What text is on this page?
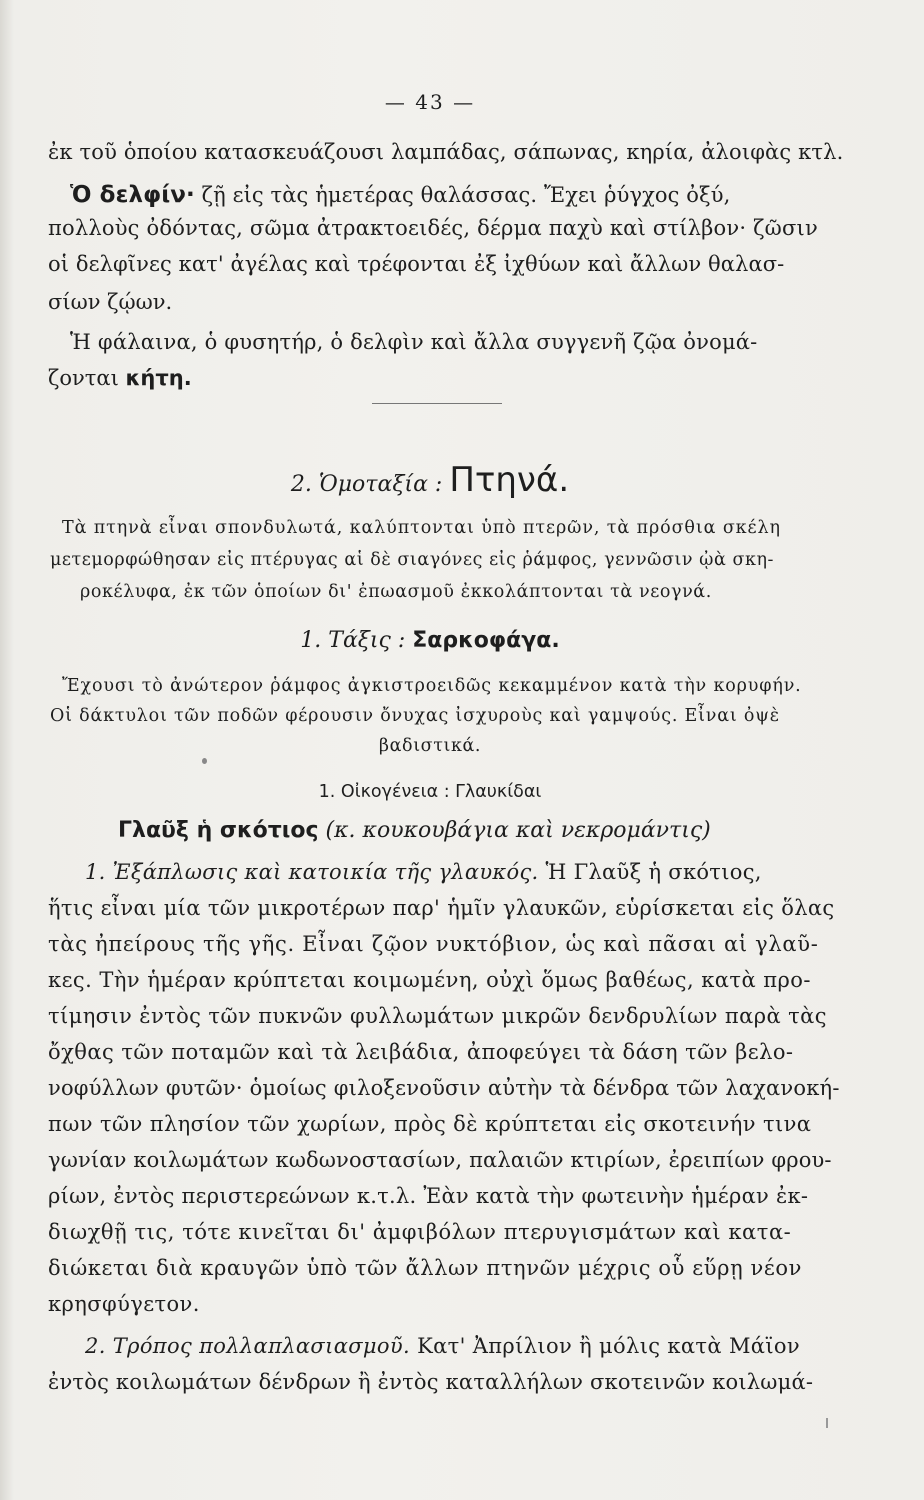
— 43 —
ἐκ τοῦ ὁποίου κατασκευάζουσι λαμπάδας, σάπωνας, κηρία, ἀλοιφὰς κτλ.
Ὁ δελφίν· ζῇ εἰς τὰς ἡμετέρας θαλάσσας. Ἔχει ῥύγχος ὀξύ,
πολλοὺς ὀδόντας, σῶμα ἀτρακτοειδές, δέρμα παχὺ καὶ στίλβον· ζῶσιν
οἱ δελφῖνες κατ' ἀγέλας καὶ τρέφονται ἐξ ἰχθύων καὶ ἄλλων θαλασ-
σίων ζῴων.
Ἡ φάλαινα, ὁ φυσητήρ, ὁ δελφὶν καὶ ἄλλα συγγενῆ ζῷα ὀνομά-
ζονται κήτη.
2. Ὁμοταξία : Πτηνά.
Τὰ πτηνὰ εἶναι σπονδυλωτά, καλύπτονται ὑπὸ πτερῶν, τὰ πρόσθια σκέλη
μετεμορφώθησαν εἰς πτέρυγας αἱ δὲ σιαγόνες εἰς ῥάμφος, γεννῶσιν ᾠὰ σκη-
ροκέλυφα, ἐκ τῶν ὁποίων δι' ἐπωασμοῦ ἐκκολάπτονται τὰ νεογνά.
1. Τάξις : Σαρκοφάγα.
Ἔχουσι τὸ ἀνώτερον ῥάμφος ἀγκιστροειδῶς κεκαμμένον κατὰ τὴν κορυφήν.
Οἱ δάκτυλοι τῶν ποδῶν φέρουσιν ὄνυχας ἰσχυροὺς καὶ γαμψούς. Εἶναι ὀψὲ
βαδιστικά.
1. Οἰκογένεια : Γλαυκίδαι
Γλαῦξ ἡ σκότιος (κ. κουκουβάγια καὶ νεκρομάντις)
1. Ἐξάπλωσις καὶ κατοικία τῆς γλαυκός. Ἡ Γλαῦξ ἡ σκότιος,
ἥτις εἶναι μία τῶν μικροτέρων παρ' ἡμῖν γλαυκῶν, εὑρίσκεται εἰς ὅλας
τὰς ἠπείρους τῆς γῆς. Εἶναι ζῷον νυκτόβιον, ὡς καὶ πᾶσαι αἱ γλαῦ-
κες. Τὴν ἡμέραν κρύπτεται κοιμωμένη, οὐχὶ ὅμως βαθέως, κατὰ προ-
τίμησιν ἐντὸς τῶν πυκνῶν φυλλωμάτων μικρῶν δενδρυλίων παρὰ τὰς
ὄχθας τῶν ποταμῶν καὶ τὰ λειβάδια, ἀποφεύγει τὰ δάση τῶν βελο-
νοφύλλων φυτῶν· ὁμοίως φιλοξενοῦσιν αὐτὴν τὰ δένδρα τῶν λαχανοκή-
πων τῶν πλησίον τῶν χωρίων, πρὸς δὲ κρύπτεται εἰς σκοτεινήν τινα
γωνίαν κοιλωμάτων κωδωνοστασίων, παλαιῶν κτιρίων, ἐρειπίων φρου-
ρίων, ἐντὸς περιστερεώνων κ.τ.λ. Ἐὰν κατὰ τὴν φωτεινὴν ἡμέραν ἐκ-
διωχθῇ τις, τότε κινεῖται δι' ἀμφιβόλων πτερυγισμάτων καὶ κατα-
διώκεται διὰ κραυγῶν ὑπὸ τῶν ἄλλων πτηνῶν μέχρις οὗ εὕρῃ νέον
κρησφύγετον.
2. Τρόπος πολλαπλασιασμοῦ. Κατ' Ἀπρίλιον ἢ μόλις κατὰ Μάϊον
ἐντὸς κοιλωμάτων δένδρων ἢ ἐντὸς καταλλήλων σκοτεινῶν κοιλωμά-
